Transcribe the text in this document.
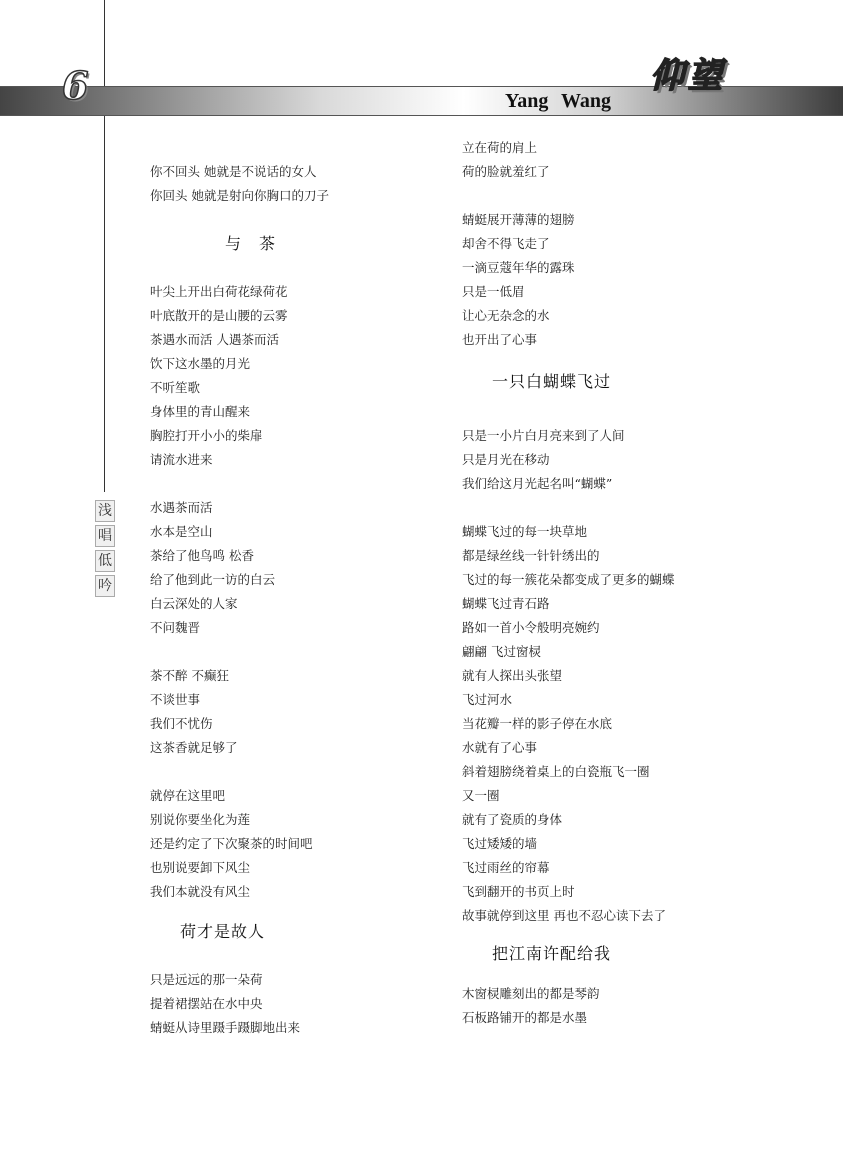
6	Yang Wang
仰望
浅
唱
低
吟
你不回头 她就是不说话的女人
你回头 她就是射向你胸口的刀子
与　茶
叶尖上开出白荷花绿荷花
叶底散开的是山腰的云雾
茶遇水而活 人遇茶而活
饮下这水墨的月光
不听笙歌
身体里的青山醒来
胸腔打开小小的柴扉
请流水进来
水遇茶而活
水本是空山
茶给了他鸟鸣 松香
给了他到此一访的白云
白云深处的人家
不问魏晋
茶不醉 不癫狂
不谈世事
我们不忧伤
这茶香就足够了
就停在这里吧
别说你要坐化为莲
还是约定了下次聚茶的时间吧
也别说要卸下风尘
我们本就没有风尘
荷才是故人
只是远远的那一朵荷
提着裙摆站在水中央
蜻蜓从诗里蹑手蹑脚地出来
立在荷的肩上
荷的脸就羞红了
蜻蜓展开薄薄的翅膀
却舍不得飞走了
一滴豆蔻年华的露珠
只是一低眉
让心无杂念的水
也开出了心事
一只白蝴蝶飞过
只是一小片白月亮来到了人间
只是月光在移动
我们给这月光起名叫“蝴蝶”
蝴蝶飞过的每一块草地
都是绿丝线一针针绣出的
飞过的每一簇花朵都变成了更多的蝴蝶
蝴蝶飞过青石路
路如一首小令般明亮婉约
翩翩 飞过窗棂
就有人探出头张望
飞过河水
当花瓣一样的影子停在水底
水就有了心事
斜着翅膀绕着桌上的白瓷瓶飞一圈
又一圈
就有了瓷质的身体
飞过矮矮的墙
飞过雨丝的帘幕
飞到翻开的书页上时
故事就停到这里 再也不忍心读下去了
把江南许配给我
木窗棂雕刻出的都是琴韵
石板路铺开的都是水墨
